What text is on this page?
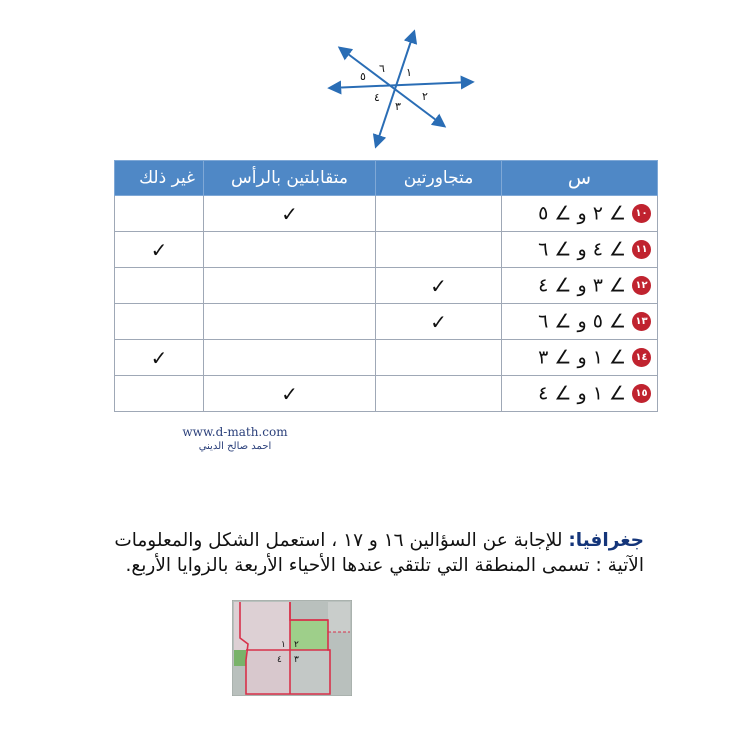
١
٢
٣
٤
٥
٦
س	متجاورتين	متقابلتين بالرأس	غير ذلك
١٠∠ ٢ و ∠ ٥		✓	
١١∠ ٤ و ∠ ٦			✓
١٢∠ ٣ و ∠ ٤	✓		
١٣∠ ٥ و ∠ ٦	✓		
١٤∠ ١ و ∠ ٣			✓
١٥∠ ١ و ∠ ٤		✓	
www.d-math.com
احمد صالح الديني
جغرافيا: للإجابة عن السؤالين ١٦ و ١٧ ، استعمل الشكل والمعلومات الآتية : تسمى المنطقة التي تلتقي عندها الأحياء الأربعة بالزوايا الأربع.
١ ٢
٣
٤
